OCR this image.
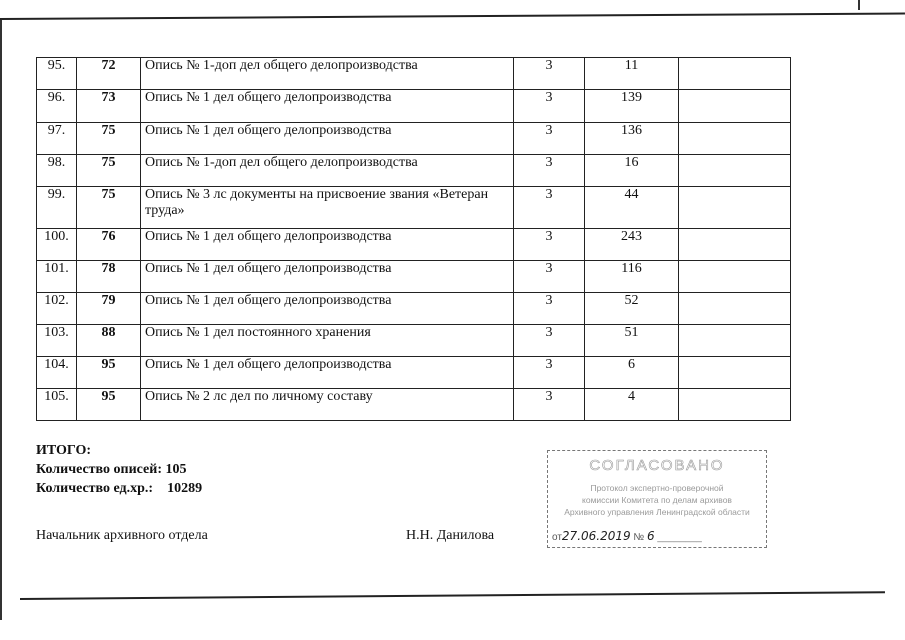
95.	72	Опись № 1-доп дел общего делопроизводства	3	11	
96.	73	Опись № 1 дел общего делопроизводства	3	139	
97.	75	Опись № 1 дел общего делопроизводства	3	136	
98.	75	Опись № 1-доп дел общего делопроизводства	3	16	
99.	75	Опись № 3 лс документы на присвоение звания «Ветеран труда»	3	44	
100.	76	Опись № 1 дел общего делопроизводства	3	243	
101.	78	Опись № 1 дел общего делопроизводства	3	116	
102.	79	Опись № 1 дел общего делопроизводства	3	52	
103.	88	Опись № 1 дел постоянного хранения	3	51	
104.	95	Опись № 1 дел общего делопроизводства	3	6	
105.	95	Опись № 2 лс дел по личному составу	3	4	
ИТОГО:
Количество описей: 105
Количество ед.хр.: 10289
Начальник архивного отдела	Н.Н. Данилова
СОГЛАСОВАНО
Протокол экспертно-проверочной
комиссии Комитета по делам архивов
Архивного управления Ленинградской области
от27.06.2019 № 6 ________
